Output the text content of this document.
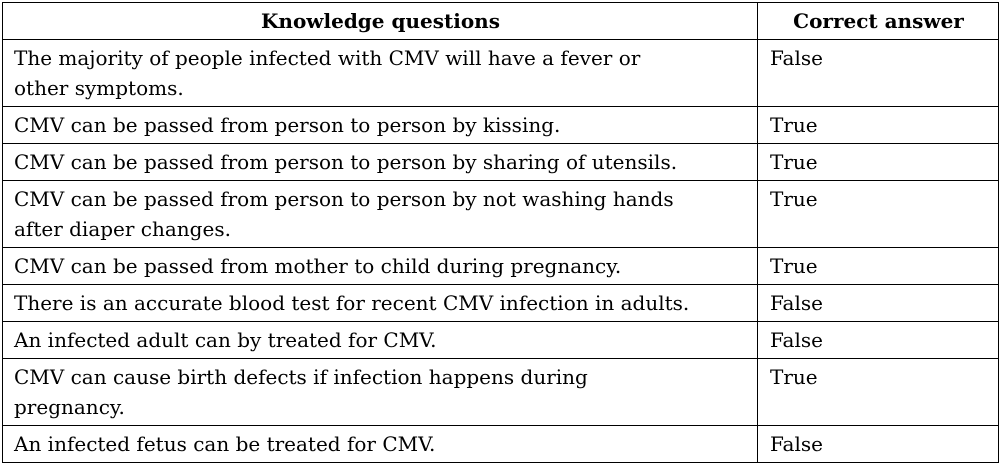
Knowledge questions	Correct answer
The majority of people infected with CMV will have a fever or
other symptoms.	False
CMV can be passed from person to person by kissing.	True
CMV can be passed from person to person by sharing of utensils.	True
CMV can be passed from person to person by not washing hands
after diaper changes.	True
CMV can be passed from mother to child during pregnancy.	True
There is an accurate blood test for recent CMV infection in adults.	False
An infected adult can by treated for CMV.	False
CMV can cause birth defects if infection happens during
pregnancy.	True
An infected fetus can be treated for CMV.	False
